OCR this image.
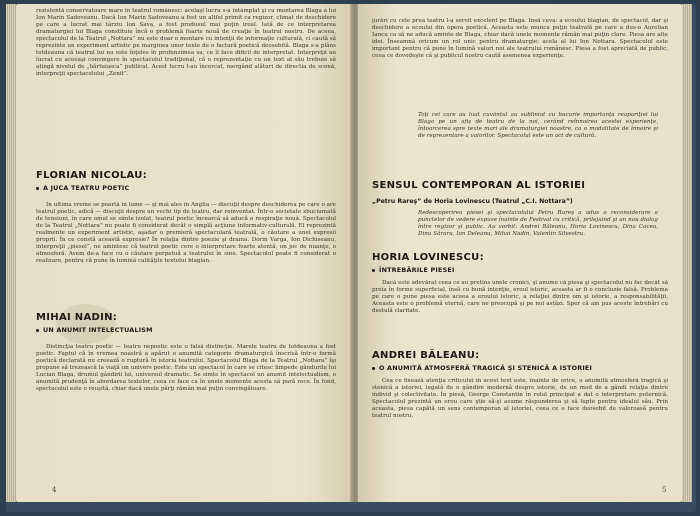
rezistentă conservatoare mare în teatrul românesc: acelaşi lucru s-a întâmplat şi cu montarea Blaga a lui Ion Marin Sadoveanu. Dacă Ion Marin Sadoveanu a fost un altfel primit ca regizor, climat de deschidere pe care a lucrat mai târziu Ion Sava, a fost produsul mai puţin ireal. Iată de ce interpretarea dramaturgiei lui Blaga constituie încă o problemă foarte nouă de creaţie în teatrul nostru. De aceea, spectacolul de la Teatrul „Nottara” nu este doar o montare cu intenţii de informaţie culturală, ci caută să reprezinte un experiment artistic pe marginea unor texte de o factură poetică deosebită. Blaga s-a plâns totdeauna că teatrul lui nu este înţeles în profunzimea sa, ce îl face dificil de interpretat. Interpreţii au lucrat cu aceeaşi convingere în spectacolul tradiţional, că o reprezentaţie cu un text al său trebuie să atingă nivelul de „hărtuiasca” publicul. Acest lucru l-au încercat, mergând alături de directia de scenă, interpreţii spectacolului „Zenit”.
FLORIAN NICOLAU:
A JUCA TEATRU POETIC
În ultima vreme se poartă în lume — şi mai ales în Anglia — discuţii despre deschiderea pe care o are teatrul poetic, adică — discuţii despre un vechi tip de teatru, dar reinventat. Într-o societate zbuciumată de tensiuni, în care omul se simte izolat, teatrul poetic încearcă să aducă o respiraţie nouă. Spectacolul de la Teatrul „Nottara” nu poate fi considerat decât o simplă acţiune informativ-culturală. El reprezintă realmente un experiment artistic, aşadar o premieră spectaculară teatrală, o căutare a unei expresii proprii. În ce constă această expresie? În relaţia dintre poezie şi drama. Dorin Varga, Ion Dichiseanu, interpreţii „piesei”, ne amintesc că teatrul poetic cere o interpretare foarte atentă, un joc de nuanţe, o atmosferă. Avem de-a face cu o căutare perpetuă a teatrului în sine. Spectacolul poate fi considerat o realizare, pentru că pune în lumină calităţile textului blagian.
MIHAI NADIN:
UN ANUMIT INTELECTUALISM
Distincţia teatru poetic — teatru nepoetic este o falsă distincţie. Marele teatru de totdeauna a fost poetic. Faptul că în vremea noastră a apărut o anumită categorie dramaturgică înscrisă într-o formă poetică declarată nu creează o ruptură în istoria teatrului. Spectacolul Blaga de la Teatrul „Nottara” îşi propune să trezească la viaţă un univers poetic. Este un spectacol în care se citesc limpede gândurile lui Lucian Blaga, drumul gândirii lui, universul dramatic. Se simte în spectacol un anumit intelectualism, o anumită prudenţă în abordarea textelor, ceea ce face ca în unele momente acesta să pară rece. În fond, spectacolul este o reuşită, chiar dacă unele părţi rămân mai puţin convingătoare.
4
jurări cu cele prea teatru l-a servit excelent pe Blaga. Însă ceva: a ecoului blagian, de spectacol, dar şi deschidere a ecoului din opera poetică. Aceasta este munca puţin teatrală pe care a dus-o Aurelian Iancu ca să ne aducă aminte de Blaga, chiar dacă unele momente rămân mai puţin clare. Piesa are alte idei. Înseamnă oricum un rol unic pentru dramaturgie: acela al lui Ion Nottara. Spectacolul este important pentru că pune în lumină valori noi ale teatrului românesc. Piesa a fost apreciată de public, ceea ce dovedeşte că şi publicul nostru caută asemenea experienţe.
Toţi cei care au luat cuvântul au subliniat cu bucurie importanţa reapariţiei lui Blaga pe un afiş de teatru de la noi, cerând reînnoirea acestei experienţe, întoarcerea spre texte mari ale dramaturgiei noastre, ca o modalitate de înnoire şi de reprezentare a valorilor. Spectacolul este un act de cultură.
SENSUL CONTEMPORAN AL ISTORIEI
„Petru Rareş” de Horia Lovinescu (Teatrul „C.I. Nottara”)
Redescoperirea piesei şi spectacolului Petru Rareş a adus o reconsiderare a punctelor de vedere expuse înainte de Festival cu critică, prilejuind şi un nou dialog între regizor şi public. Au vorbit: Andrei Băleanu, Horia Lovinescu, Dina Cocea, Dinu Săraru, Ion Deleanu, Mihai Nadin, Valentin Silvestru.
HORIA LOVINESCU:
ÎNTREBĂRILE PIESEI
Dacă este adevărat ceea ce au pretins unele cronici, şi anume că piesa şi spectacolul nu fac decât să preia în forme superficial, însă cu bună intenţie, eroul istoric, aceasta ar fi o concluzie falsă. Problema pe care o pune piesa este aceea a eroului istoric, a relaţiei dintre om şi istorie, a responsabilităţii. Aceasta este o problemă eternă, care ne preocupă şi pe noi astăzi. Sper că am pus aceste întrebări cu destulă claritate.
ANDREI BĂLEANU:
O ANUMITĂ ATMOSFERĂ TRAGICĂ ŞI STENICĂ A ISTORIEI
Cea ce fixează atenţia criticului în acest text este, înainte de orice, o anumită atmosferă tragică şi stenică a istoriei, legată de o gândire modernă despre istorie, de un mod de a gândi relaţia dintre individ şi colectivitate. În piesă, George Constantin în rolul principal a dat o interpretare puternică. Spectacolul prezintă un erou care ştie să-şi asume răspunderea şi să lupte pentru idealul său. Prin aceasta, piesa capătă un sens contemporan al istoriei, ceea ce o face deosebit de valoroasă pentru teatrul nostru.
5
